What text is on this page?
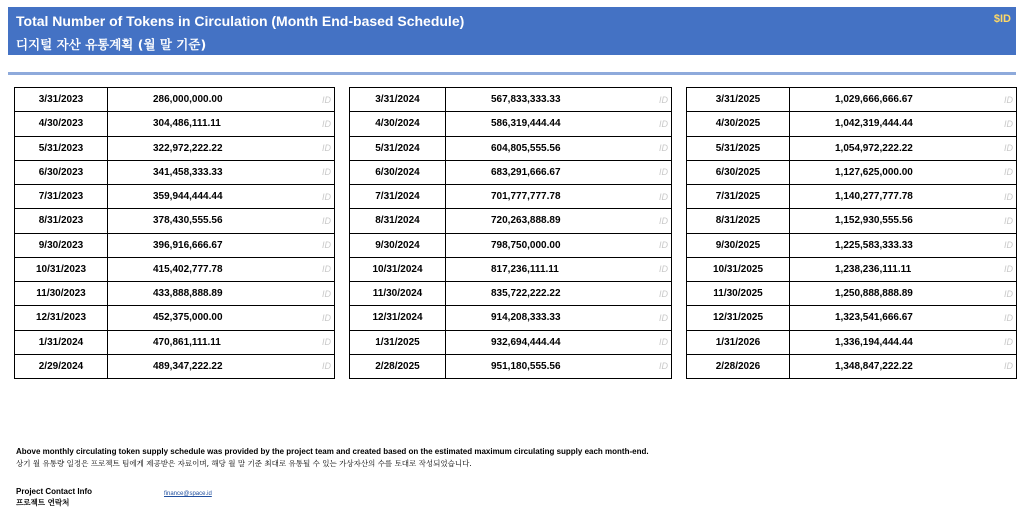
Total Number of Tokens in Circulation (Month End-based Schedule)
디지털 자산 유통계획 (월 말 기준)
$ID
3/31/2023	286,000,000.00	ID
4/30/2023	304,486,111.11	ID
5/31/2023	322,972,222.22	ID
6/30/2023	341,458,333.33	ID
7/31/2023	359,944,444.44	ID
8/31/2023	378,430,555.56	ID
9/30/2023	396,916,666.67	ID
10/31/2023	415,402,777.78	ID
11/30/2023	433,888,888.89	ID
12/31/2023	452,375,000.00	ID
1/31/2024	470,861,111.11	ID
2/29/2024	489,347,222.22	ID
3/31/2024	567,833,333.33	ID
4/30/2024	586,319,444.44	ID
5/31/2024	604,805,555.56	ID
6/30/2024	683,291,666.67	ID
7/31/2024	701,777,777.78	ID
8/31/2024	720,263,888.89	ID
9/30/2024	798,750,000.00	ID
10/31/2024	817,236,111.11	ID
11/30/2024	835,722,222.22	ID
12/31/2024	914,208,333.33	ID
1/31/2025	932,694,444.44	ID
2/28/2025	951,180,555.56	ID
3/31/2025	1,029,666,666.67	ID
4/30/2025	1,042,319,444.44	ID
5/31/2025	1,054,972,222.22	ID
6/30/2025	1,127,625,000.00	ID
7/31/2025	1,140,277,777.78	ID
8/31/2025	1,152,930,555.56	ID
9/30/2025	1,225,583,333.33	ID
10/31/2025	1,238,236,111.11	ID
11/30/2025	1,250,888,888.89	ID
12/31/2025	1,323,541,666.67	ID
1/31/2026	1,336,194,444.44	ID
2/28/2026	1,348,847,222.22	ID
Above monthly circulating token supply schedule was provided by the project team and created based on the estimated maximum circulating supply each month-end.
상기 월 유통량 일정은 프로젝트 팀에게 제공받은 자료이며, 해당 월 말 기준 최대로 유통될 수 있는 가상자산의 수를 토대로 작성되었습니다.
Project Contact Info
프로젝트 연락처
finance@space.id
